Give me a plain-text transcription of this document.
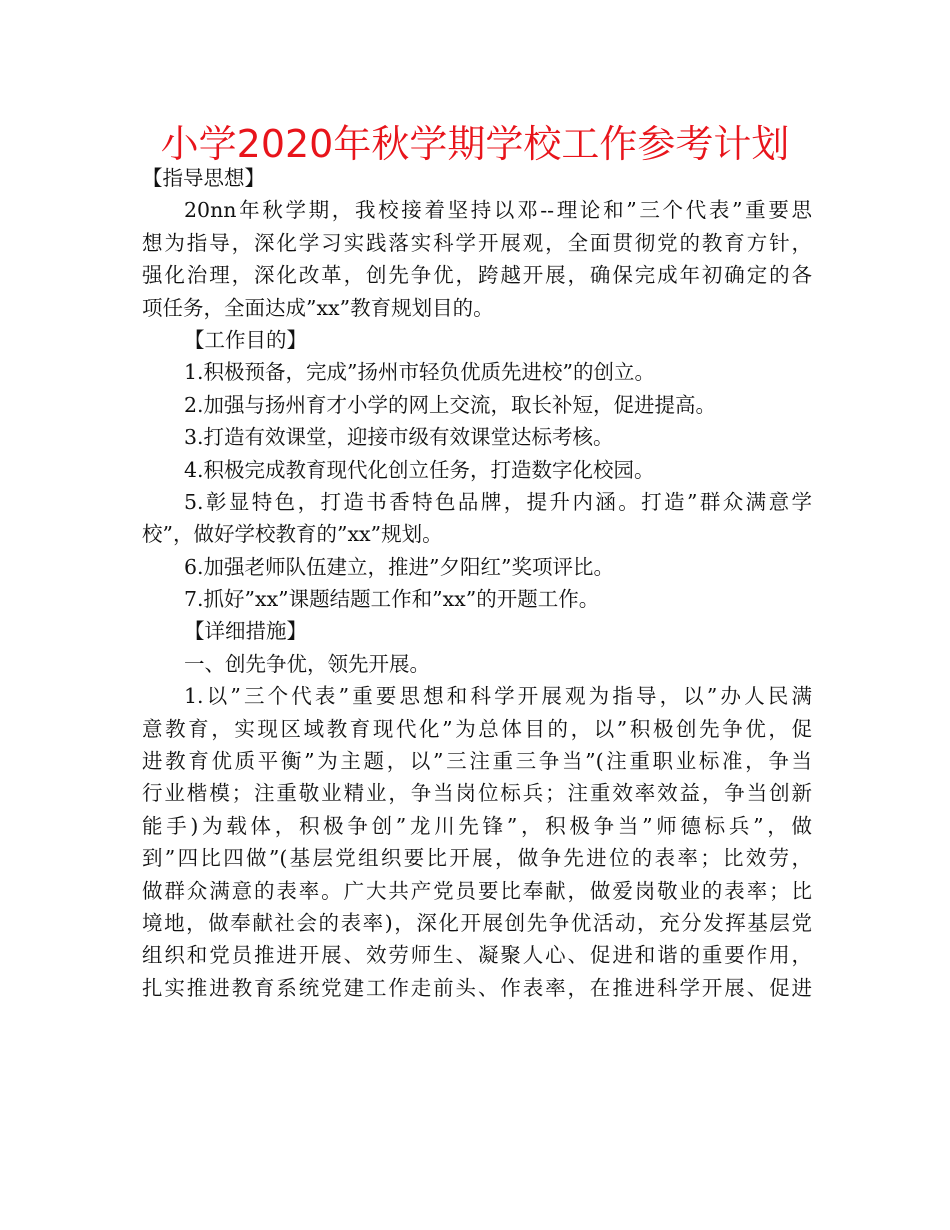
小学2020年秋学期学校工作参考计划
【指导思想】
20nn年秋学期，我校接着坚持以邓--理论和”三个代表”重要思
想为指导，深化学习实践落实科学开展观，全面贯彻党的教育方针，
强化治理，深化改革，创先争优，跨越开展，确保完成年初确定的各
项任务，全面达成”xx”教育规划目的。
【工作目的】
1.积极预备，完成”扬州市轻负优质先进校”的创立。
2.加强与扬州育才小学的网上交流，取长补短，促进提高。
3.打造有效课堂，迎接市级有效课堂达标考核。
4.积极完成教育现代化创立任务，打造数字化校园。
5.彰显特色，打造书香特色品牌，提升内涵。打造”群众满意学
校”，做好学校教育的”xx”规划。
6.加强老师队伍建立，推进”夕阳红”奖项评比。
7.抓好”xx”课题结题工作和”xx”的开题工作。
【详细措施】
一、创先争优，领先开展。
1.以”三个代表”重要思想和科学开展观为指导，以”办人民满
意教育，实现区域教育现代化”为总体目的，以”积极创先争优，促
进教育优质平衡”为主题，以”三注重三争当”(注重职业标准，争当
行业楷模；注重敬业精业，争当岗位标兵；注重效率效益，争当创新
能手)为载体，积极争创”龙川先锋”，积极争当”师德标兵”，做
到”四比四做”(基层党组织要比开展，做争先进位的表率；比效劳，
做群众满意的表率。广大共产党员要比奉献，做爱岗敬业的表率；比
境地，做奉献社会的表率)，深化开展创先争优活动，充分发挥基层党
组织和党员推进开展、效劳师生、凝聚人心、促进和谐的重要作用，
扎实推进教育系统党建工作走前头、作表率，在推进科学开展、促进
